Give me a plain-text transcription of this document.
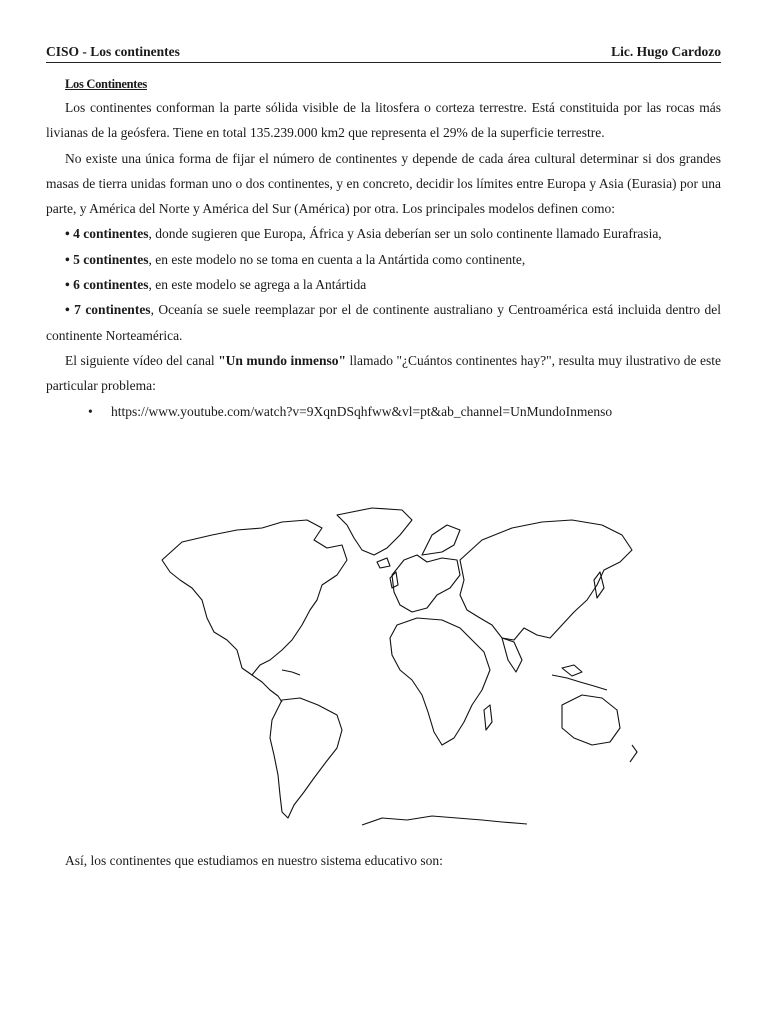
CISO - Los continentes	Lic. Hugo Cardozo
Los Continentes

Los continentes conforman la parte sólida visible de la litosfera o corteza terrestre. Está constituida por las rocas más livianas de la geósfera. Tiene en total 135.239.000 km2 que representa el 29% de la superficie terrestre.

No existe una única forma de fijar el número de continentes y depende de cada área cultural determinar si dos grandes masas de tierra unidas forman uno o dos continentes, y en concreto, decidir los límites entre Europa y Asia (Eurasia) por una parte, y América del Norte y América del Sur (América) por otra. Los principales modelos definen como:

• 4 continentes, donde sugieren que Europa, África y Asia deberían ser un solo continente llamado Eurafrasia,

• 5 continentes, en este modelo no se toma en cuenta a la Antártida como continente,

• 6 continentes, en este modelo se agrega a la Antártida

• 7 continentes, Oceanía se suele reemplazar por el de continente australiano y Centroamérica está incluida dentro del continente Norteamérica.

El siguiente vídeo del canal "Un mundo inmenso" llamado "¿Cuántos continentes hay?", resulta muy ilustrativo de este particular problema:

• https://www.youtube.com/watch?v=9XqnDSqhfww&vl=pt&ab_channel=UnMundoInmenso
Así, los continentes que estudiamos en nuestro sistema educativo son:
